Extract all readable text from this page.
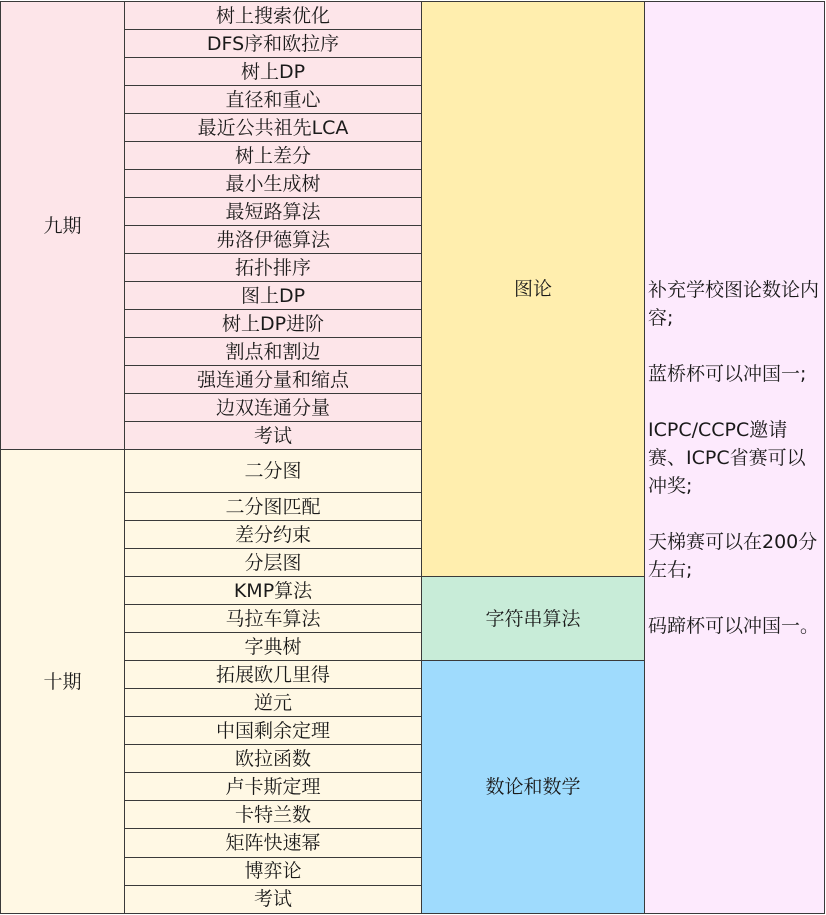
九期	树上搜索优化	图论	补充学校图论数论内容;

蓝桥杯可以冲国一;

ICPC/CCPC邀请赛、ICPC省赛可以冲奖;

天梯赛可以在200分左右;

码蹄杯可以冲国一。

	DFS序和欧拉序		
	树上DP		
	直径和重心		
	最近公共祖先LCA		
	树上差分		
	最小生成树		
	最短路算法		
	弗洛伊德算法		
	拓扑排序		
	图上DP		
	树上DP进阶		
	割点和割边		
	强连通分量和缩点		
	边双连通分量		
	考试		
十期	二分图		
	二分图匹配		
	差分约束		
	分层图		
	KMP算法	字符串算法	
	马拉车算法		
	字典树		
	拓展欧几里得	数论和数学	
	逆元		
	中国剩余定理		
	欧拉函数		
	卢卡斯定理		
	卡特兰数		
	矩阵快速幂		
	博弈论		
	考试		
